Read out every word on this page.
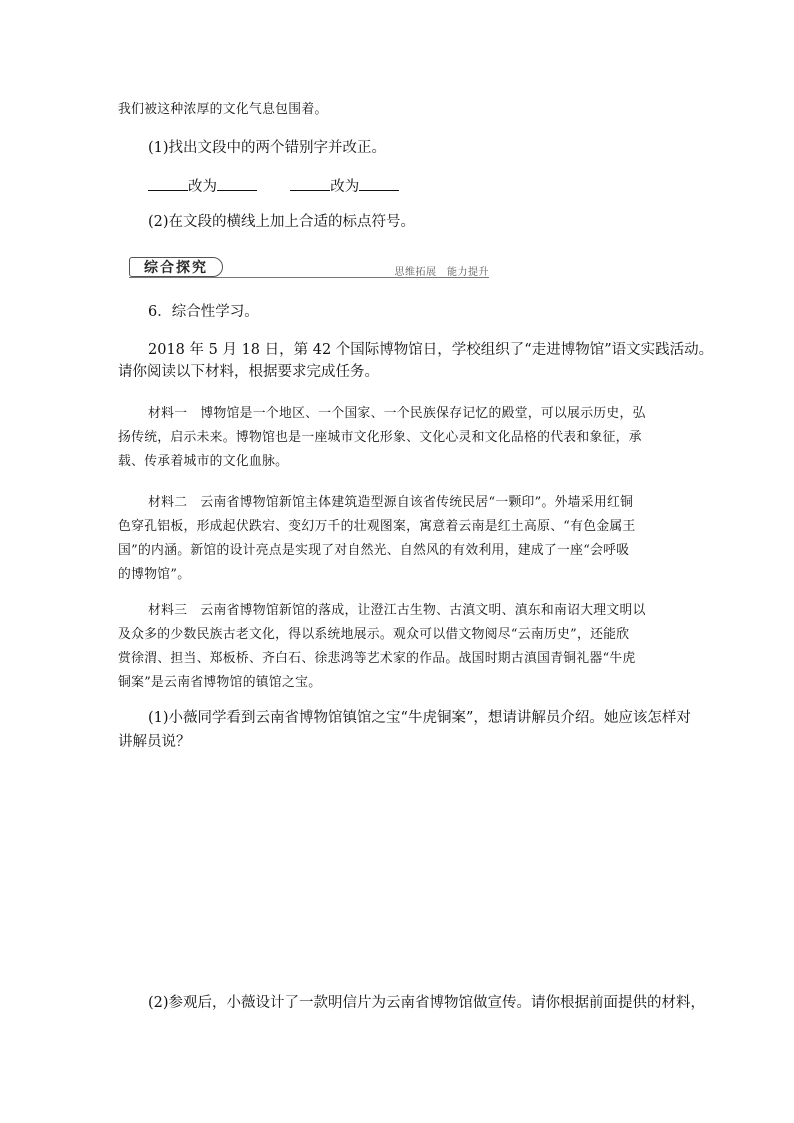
我们被这种浓厚的文化气息包围着。
(1)找出文段中的两个错别字并改正。
改为	改为
(2)在文段的横线上加上合适的标点符号。
综合探究	思维拓展　能力提升
6．综合性学习。
2018 年 5 月 18 日，第 42 个国际博物馆日，学校组织了“走进博物馆”语文实践活动。
请你阅读以下材料，根据要求完成任务。
材料一　博物馆是一个地区、一个国家、一个民族保存记忆的殿堂，可以展示历史，弘
扬传统，启示未来。博物馆也是一座城市文化形象、文化心灵和文化品格的代表和象征，承
载、传承着城市的文化血脉。
材料二　云南省博物馆新馆主体建筑造型源自该省传统民居“一颗印”。外墙采用红铜
色穿孔铝板，形成起伏跌宕、变幻万千的壮观图案，寓意着云南是红土高原、“有色金属王
国”的内涵。新馆的设计亮点是实现了对自然光、自然风的有效利用，建成了一座“会呼吸
的博物馆”。
材料三　云南省博物馆新馆的落成，让澄江古生物、古滇文明、滇东和南诏大理文明以
及众多的少数民族古老文化，得以系统地展示。观众可以借文物阅尽“云南历史”，还能欣
赏徐渭、担当、郑板桥、齐白石、徐悲鸿等艺术家的作品。战国时期古滇国青铜礼器“牛虎
铜案”是云南省博物馆的镇馆之宝。
(1)小薇同学看到云南省博物馆镇馆之宝“牛虎铜案”，想请讲解员介绍。她应该怎样对
讲解员说？
(2)参观后，小薇设计了一款明信片为云南省博物馆做宣传。请你根据前面提供的材料，
